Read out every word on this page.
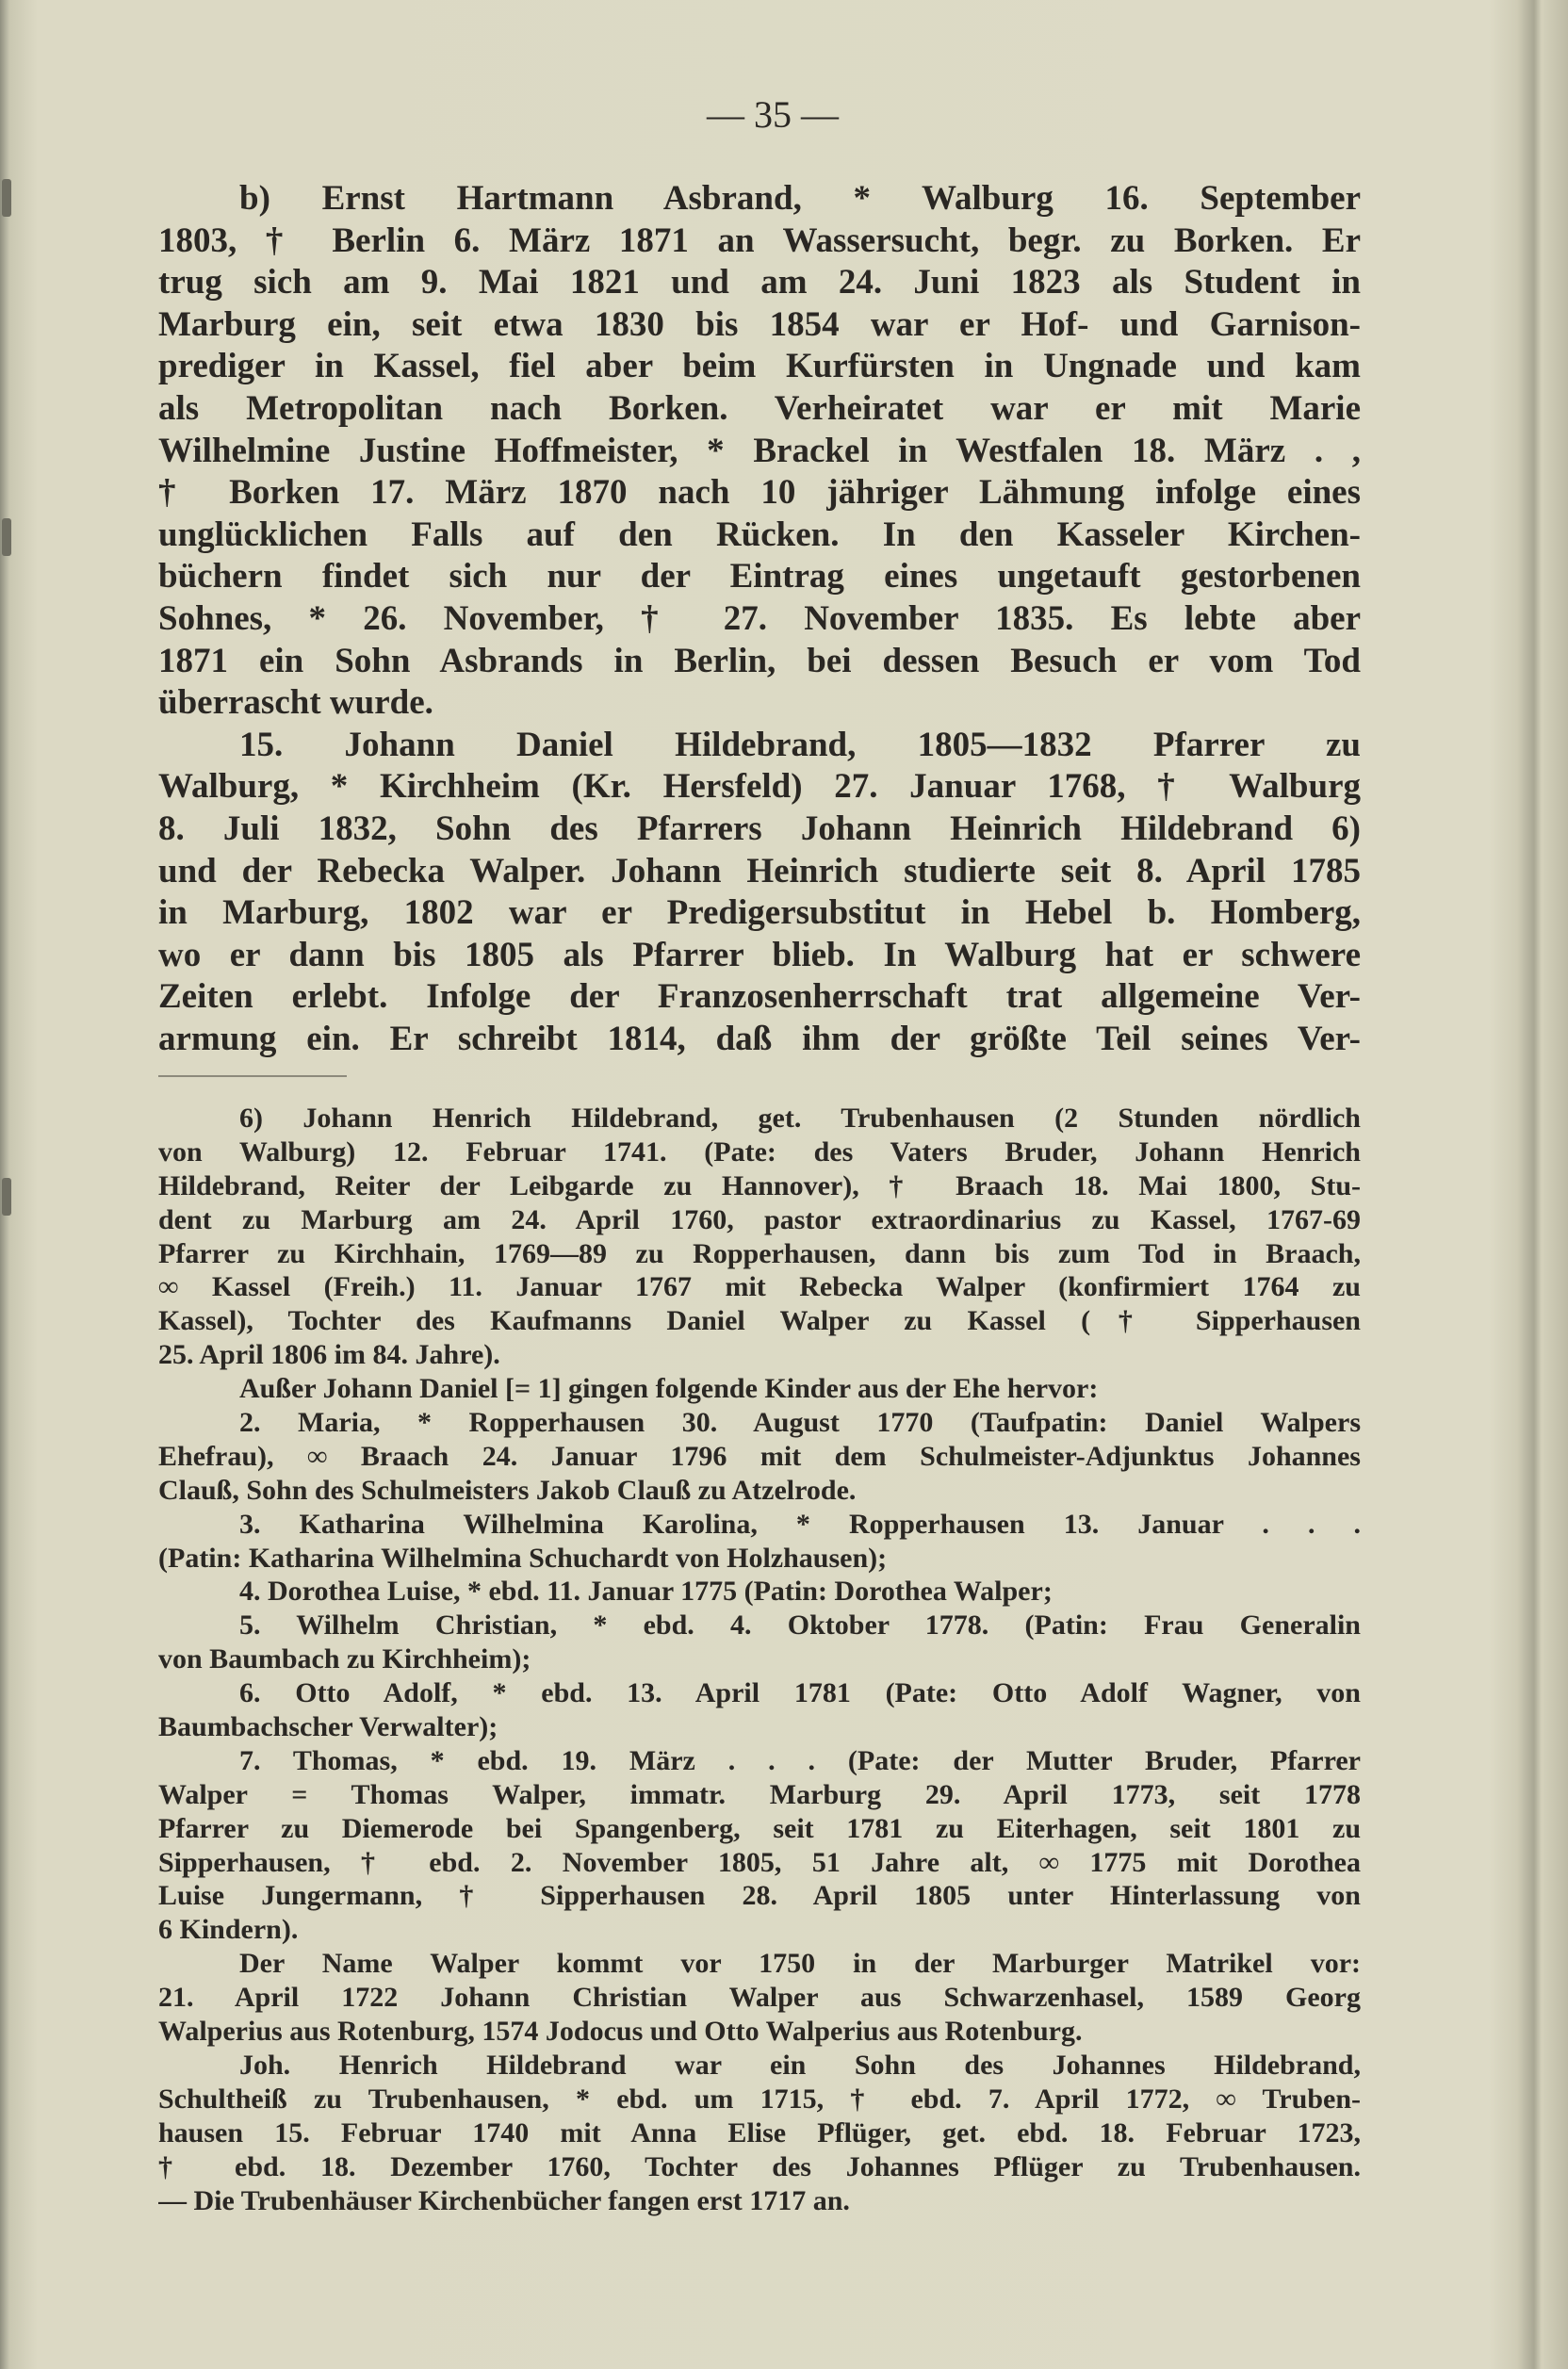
— 35 —
b) Ernst Hartmann Asbrand, * Walburg 16. September
1803, † Berlin 6. März 1871 an Wassersucht, begr. zu Borken. Er
trug sich am 9. Mai 1821 und am 24. Juni 1823 als Student in
Marburg ein, seit etwa 1830 bis 1854 war er Hof- und Garnison-
prediger in Kassel, fiel aber beim Kurfürsten in Ungnade und kam
als Metropolitan nach Borken. Verheiratet war er mit Marie
Wilhelmine Justine Hoffmeister, * Brackel in Westfalen 18. März . ,
† Borken 17. März 1870 nach 10 jähriger Lähmung infolge eines
unglücklichen Falls auf den Rücken. In den Kasseler Kirchen-
büchern findet sich nur der Eintrag eines ungetauft gestorbenen
Sohnes, * 26. November, † 27. November 1835. Es lebte aber
1871 ein Sohn Asbrands in Berlin, bei dessen Besuch er vom Tod
überrascht wurde.
15. Johann Daniel Hildebrand, 1805—1832 Pfarrer zu
Walburg, * Kirchheim (Kr. Hersfeld) 27. Januar 1768, † Walburg
8. Juli 1832, Sohn des Pfarrers Johann Heinrich Hildebrand 6)
und der Rebecka Walper. Johann Heinrich studierte seit 8. April 1785
in Marburg, 1802 war er Predigersubstitut in Hebel b. Homberg,
wo er dann bis 1805 als Pfarrer blieb. In Walburg hat er schwere
Zeiten erlebt. Infolge der Franzosenherrschaft trat allgemeine Ver-
armung ein. Er schreibt 1814, daß ihm der größte Teil seines Ver-
6) Johann Henrich Hildebrand, get. Trubenhausen (2 Stunden nördlich
von Walburg) 12. Februar 1741. (Pate: des Vaters Bruder, Johann Henrich
Hildebrand, Reiter der Leibgarde zu Hannover), † Braach 18. Mai 1800, Stu-
dent zu Marburg am 24. April 1760, pastor extraordinarius zu Kassel, 1767-69
Pfarrer zu Kirchhain, 1769—89 zu Ropperhausen, dann bis zum Tod in Braach,
∞ Kassel (Freih.) 11. Januar 1767 mit Rebecka Walper (konfirmiert 1764 zu
Kassel), Tochter des Kaufmanns Daniel Walper zu Kassel († Sipperhausen
25. April 1806 im 84. Jahre).
Außer Johann Daniel [= 1] gingen folgende Kinder aus der Ehe hervor:
2. Maria, * Ropperhausen 30. August 1770 (Taufpatin: Daniel Walpers
Ehefrau), ∞ Braach 24. Januar 1796 mit dem Schulmeister-Adjunktus Johannes
Clauß, Sohn des Schulmeisters Jakob Clauß zu Atzelrode.
3. Katharina Wilhelmina Karolina, * Ropperhausen 13. Januar . . .
(Patin: Katharina Wilhelmina Schuchardt von Holzhausen);
4. Dorothea Luise, * ebd. 11. Januar 1775 (Patin: Dorothea Walper;
5. Wilhelm Christian, * ebd. 4. Oktober 1778. (Patin: Frau Generalin
von Baumbach zu Kirchheim);
6. Otto Adolf, * ebd. 13. April 1781 (Pate: Otto Adolf Wagner, von
Baumbachscher Verwalter);
7. Thomas, * ebd. 19. März . . . (Pate: der Mutter Bruder, Pfarrer
Walper = Thomas Walper, immatr. Marburg 29. April 1773, seit 1778
Pfarrer zu Diemerode bei Spangenberg, seit 1781 zu Eiterhagen, seit 1801 zu
Sipperhausen, † ebd. 2. November 1805, 51 Jahre alt, ∞ 1775 mit Dorothea
Luise Jungermann, † Sipperhausen 28. April 1805 unter Hinterlassung von
6 Kindern).
Der Name Walper kommt vor 1750 in der Marburger Matrikel vor:
21. April 1722 Johann Christian Walper aus Schwarzenhasel, 1589 Georg
Walperius aus Rotenburg, 1574 Jodocus und Otto Walperius aus Rotenburg.
Joh. Henrich Hildebrand war ein Sohn des Johannes Hildebrand,
Schultheiß zu Trubenhausen, * ebd. um 1715, † ebd. 7. April 1772, ∞ Truben-
hausen 15. Februar 1740 mit Anna Elise Pflüger, get. ebd. 18. Februar 1723,
† ebd. 18. Dezember 1760, Tochter des Johannes Pflüger zu Trubenhausen.
— Die Trubenhäuser Kirchenbücher fangen erst 1717 an.
